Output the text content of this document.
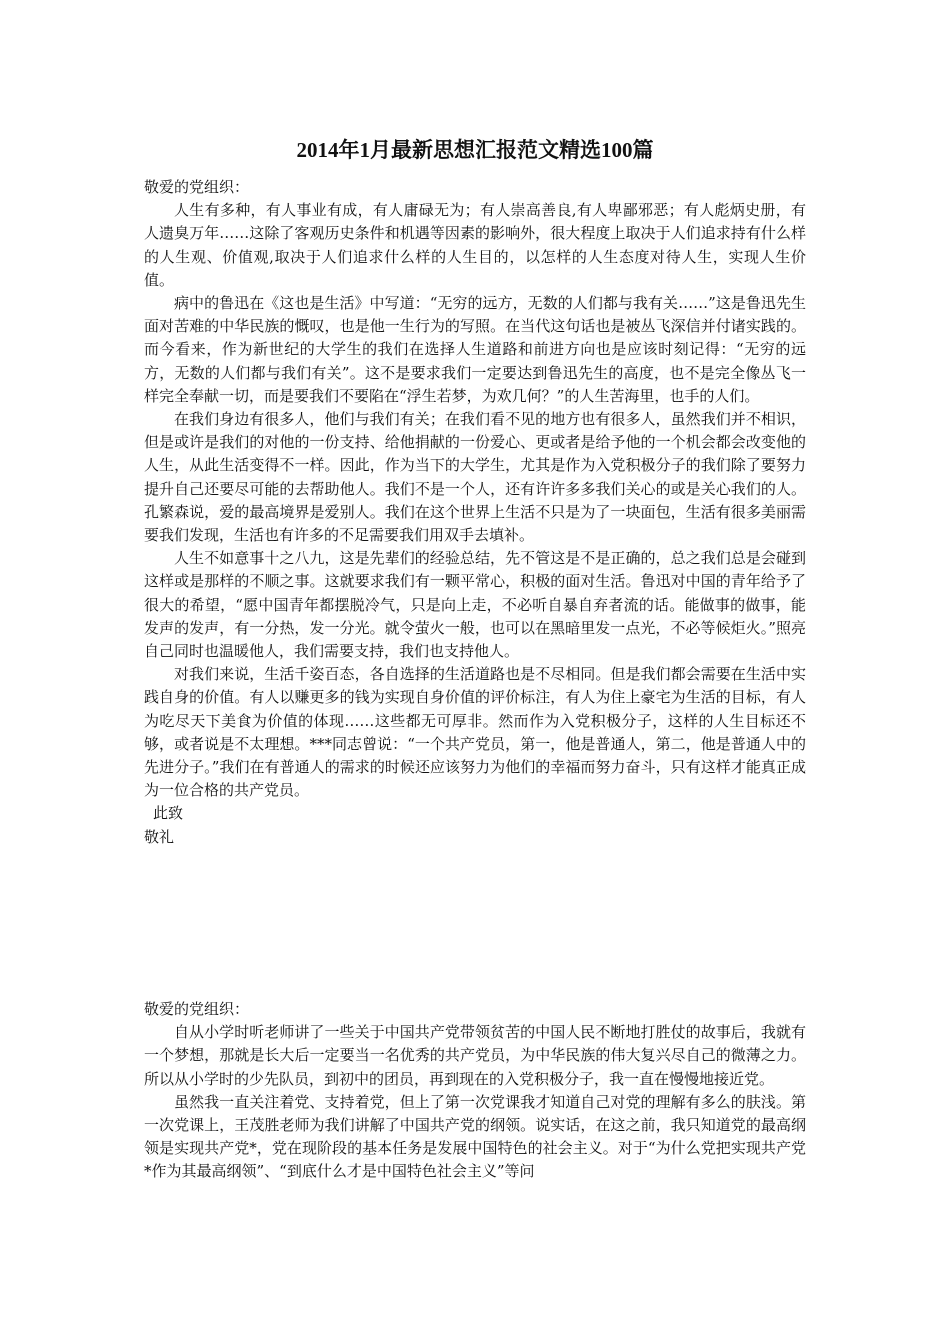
2014年1月最新思想汇报范文精选100篇

敬爱的党组织：

人生有多种，有人事业有成，有人庸碌无为；有人崇高善良,有人卑鄙邪恶；有人彪炳史册，有人遗臭万年……这除了客观历史条件和机遇等因素的影响外，很大程度上取决于人们追求持有什么样的人生观、价值观,取决于人们追求什么样的人生目的，以怎样的人生态度对待人生，实现人生价值。

病中的鲁迅在《这也是生活》中写道：“无穷的远方，无数的人们都与我有关……”这是鲁迅先生面对苦难的中华民族的慨叹，也是他一生行为的写照。在当代这句话也是被丛飞深信并付诸实践的。而今看来，作为新世纪的大学生的我们在选择人生道路和前进方向也是应该时刻记得：“无穷的远方，无数的人们都与我们有关”。这不是要求我们一定要达到鲁迅先生的高度，也不是完全像丛飞一样完全奉献一切，而是要我们不要陷在“浮生若梦，为欢几何？”的人生苦海里，也手的人们。

在我们身边有很多人，他们与我们有关；在我们看不见的地方也有很多人，虽然我们并不相识，但是或许是我们的对他的一份支持、给他捐献的一份爱心、更或者是给予他的一个机会都会改变他的人生，从此生活变得不一样。因此，作为当下的大学生，尤其是作为入党积极分子的我们除了要努力提升自己还要尽可能的去帮助他人。我们不是一个人，还有许许多多我们关心的或是关心我们的人。孔繁森说，爱的最高境界是爱别人。我们在这个世界上生活不只是为了一块面包，生活有很多美丽需要我们发现，生活也有许多的不足需要我们用双手去填补。

人生不如意事十之八九，这是先辈们的经验总结，先不管这是不是正确的，总之我们总是会碰到这样或是那样的不顺之事。这就要求我们有一颗平常心，积极的面对生活。鲁迅对中国的青年给予了很大的希望，“愿中国青年都摆脱冷气，只是向上走，不必听自暴自弃者流的话。能做事的做事，能发声的发声，有一分热，发一分光。就令萤火一般，也可以在黑暗里发一点光，不必等候炬火。”照亮自己同时也温暖他人，我们需要支持，我们也支持他人。

对我们来说，生活千姿百态，各自选择的生活道路也是不尽相同。但是我们都会需要在生活中实践自身的价值。有人以赚更多的钱为实现自身价值的评价标注，有人为住上豪宅为生活的目标，有人为吃尽天下美食为价值的体现……这些都无可厚非。然而作为入党积极分子，这样的人生目标还不够，或者说是不太理想。***同志曾说：“一个共产党员，第一，他是普通人，第二，他是普通人中的先进分子。”我们在有普通人的需求的时候还应该努力为他们的幸福而努力奋斗，只有这样才能真正成为一位合格的共产党员。

此致

敬礼

敬爱的党组织：

自从小学时听老师讲了一些关于中国共产党带领贫苦的中国人民不断地打胜仗的故事后，我就有一个梦想，那就是长大后一定要当一名优秀的共产党员，为中华民族的伟大复兴尽自己的微薄之力。所以从小学时的少先队员，到初中的团员，再到现在的入党积极分子，我一直在慢慢地接近党。

虽然我一直关注着党、支持着党，但上了第一次党课我才知道自己对党的理解有多么的肤浅。第一次党课上，王茂胜老师为我们讲解了中国共产党的纲领。说实话，在这之前，我只知道党的最高纲领是实现共产党*，党在现阶段的基本任务是发展中国特色的社会主义。对于“为什么党把实现共产党*作为其最高纲领”、“到底什么才是中国特色社会主义”等问
